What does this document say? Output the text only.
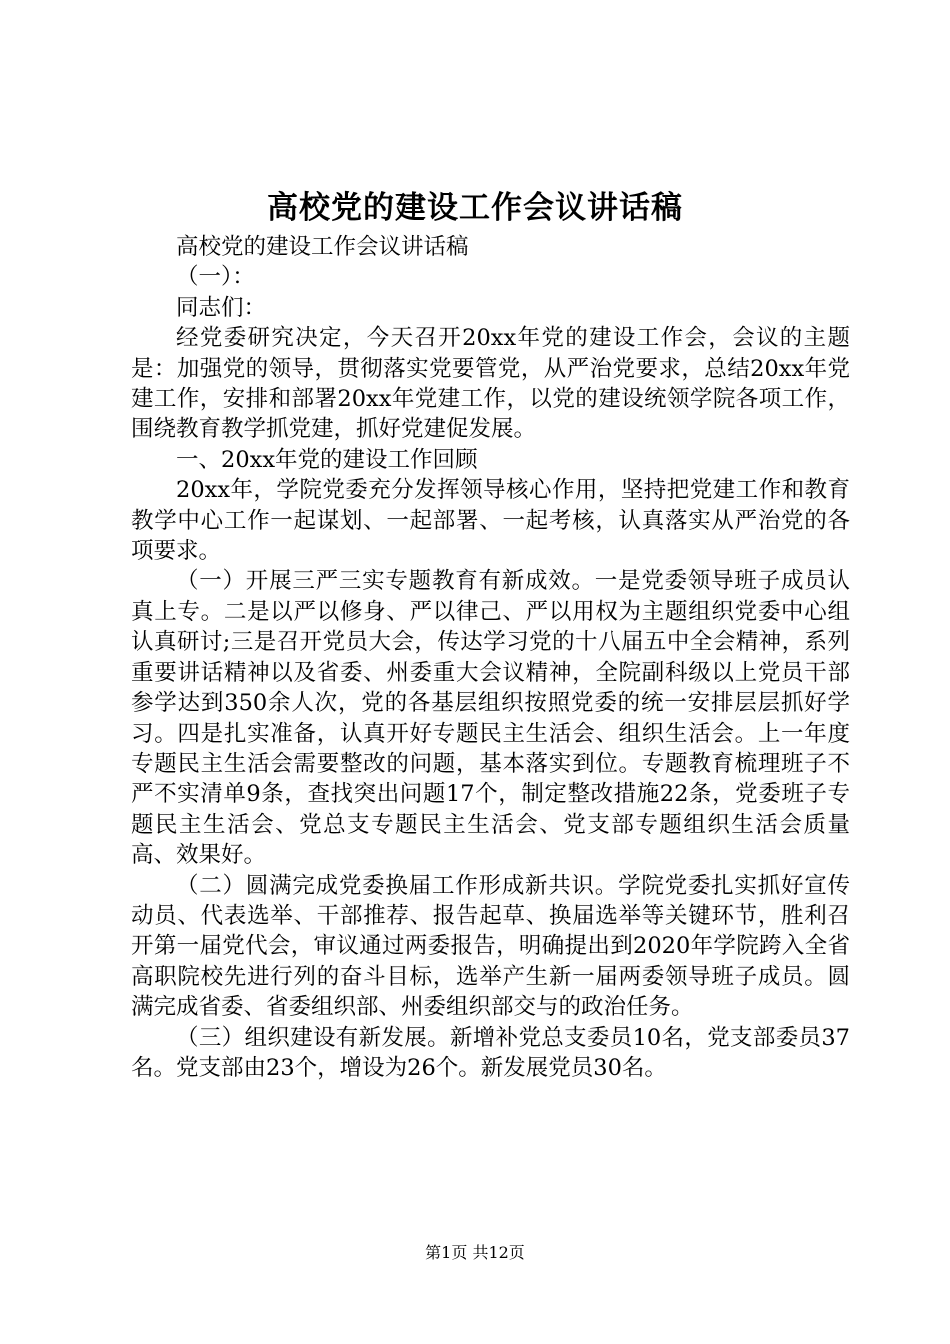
高校党的建设工作会议讲话稿

高校党的建设工作会议讲话稿

（一）：

同志们：

经党委研究决定，今天召开20xx年党的建设工作会，会议的主题是：加强党的领导，贯彻落实党要管党，从严治党要求，总结20xx年党建工作，安排和部署20xx年党建工作，以党的建设统领学院各项工作，围绕教育教学抓党建，抓好党建促发展。

一、20xx年党的建设工作回顾

20xx年，学院党委充分发挥领导核心作用，坚持把党建工作和教育教学中心工作一起谋划、一起部署、一起考核，认真落实从严治党的各项要求。

（一）开展三严三实专题教育有新成效。一是党委领导班子成员认真上专。二是以严以修身、严以律己、严以用权为主题组织党委中心组认真研讨;三是召开党员大会，传达学习党的十八届五中全会精神，系列重要讲话精神以及省委、州委重大会议精神，全院副科级以上党员干部参学达到350余人次，党的各基层组织按照党委的统一安排层层抓好学习。四是扎实准备，认真开好专题民主生活会、组织生活会。上一年度专题民主生活会需要整改的问题，基本落实到位。专题教育梳理班子不严不实清单9条，查找突出问题17个，制定整改措施22条，党委班子专题民主生活会、党总支专题民主生活会、党支部专题组织生活会质量高、效果好。

（二）圆满完成党委换届工作形成新共识。学院党委扎实抓好宣传动员、代表选举、干部推荐、报告起草、换届选举等关键环节，胜利召开第一届党代会，审议通过两委报告，明确提出到2020年学院跨入全省高职院校先进行列的奋斗目标，选举产生新一届两委领导班子成员。圆满完成省委、省委组织部、州委组织部交与的政治任务。

（三）组织建设有新发展。新增补党总支委员10名，党支部委员37名。党支部由23个，增设为26个。新发展党员30名。

第1页 共12页
